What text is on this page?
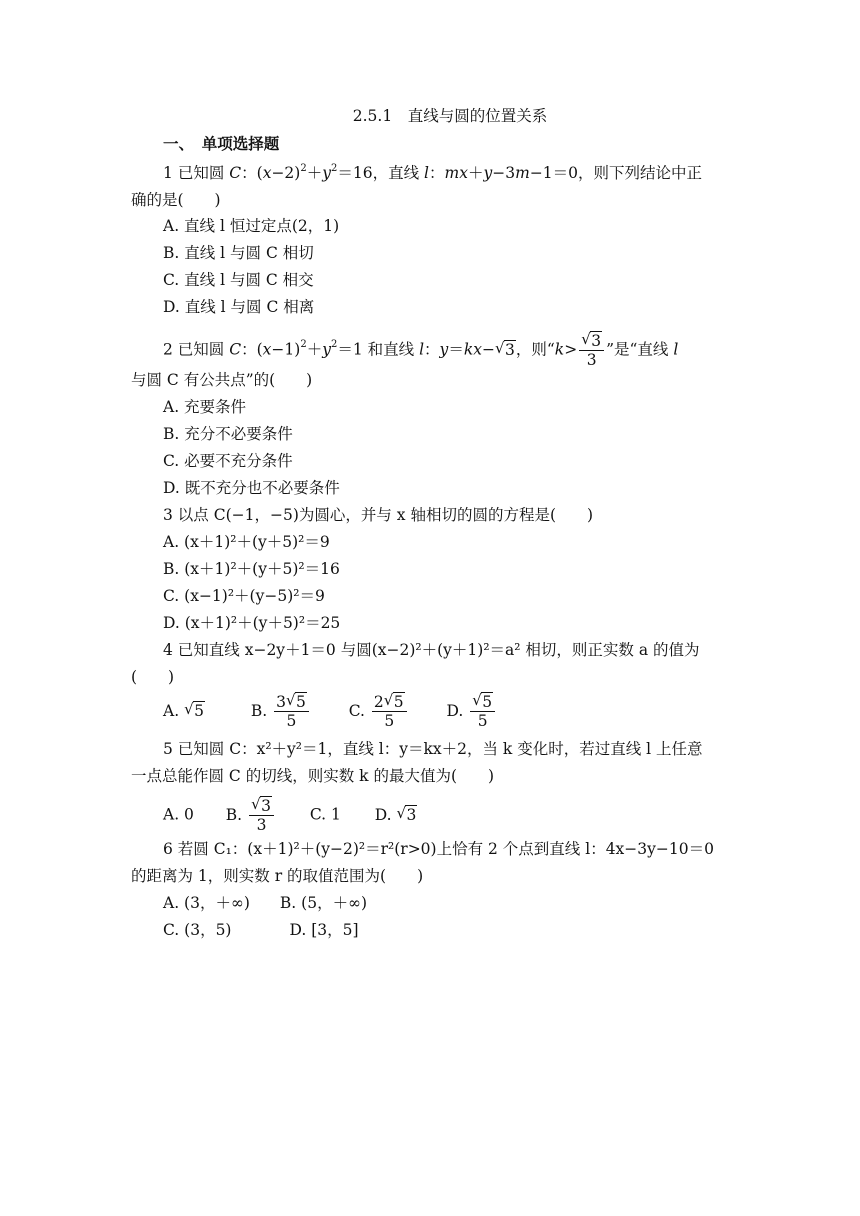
2.5.1　直线与圆的位置关系
一、　单项选择题
1 已知圆 C：$(x-2)^2+y^2=16$，直线 l：mx＋y−3m−1＝0，则下列结论中正
确的是(　　)
A. 直线 l 恒过定点(2，1)
B. 直线 l 与圆 C 相切
C. 直线 l 与圆 C 相交
D. 直线 l 与圆 C 相离
2 已知圆 C：$(x-1)^2+y^2=1$ 和直线 l：y＝kx− √ 3，则“k> √ $\frac{3}{3}$ ”是“直线 l
与圆 C 有公共点”的(　　)
A. 充要条件
B. 充分不必要条件
C. 必要不充分条件
D. 既不充分也不必要条件
3 以点 C(−1，−5)为圆心，并与 x 轴相切的圆的方程是(　　)
A. (x＋1)²＋(y＋5)²＝9
B. (x＋1)²＋(y＋5)²＝16
C. (x−1)²＋(y−5)²＝9
D. (x＋1)²＋(y＋5)²＝25
4 已知直线 x−2y＋1＝0 与圆(x−2)²＋(y＋1)²＝a² 相切，则正实数 a 的值为
(　　)
A. √ 5	B. $\frac{3 √ 5}{5}$	C. $\frac{2 √ 5}{5}$	D. √ $\frac{5}{5}$
5 已知圆 C：x²＋y²＝1，直线 l：y＝kx＋2，当 k 变化时，若过直线 l 上任意
一点总能作圆 C 的切线，则实数 k 的最大值为(　　)
A. 0 B. √ $\frac{3}{3} C$. 1 D. √ 3
6 若圆 C₁：(x＋1)²＋(y−2)²＝r²(r>0)上恰有 2 个点到直线 l：4x−3y−10＝0
的距离为 1，则实数 r 的取值范围为(　　)
A. (3，＋∞) B. (5，＋∞)
C. (3，5)	D. [3，5]
